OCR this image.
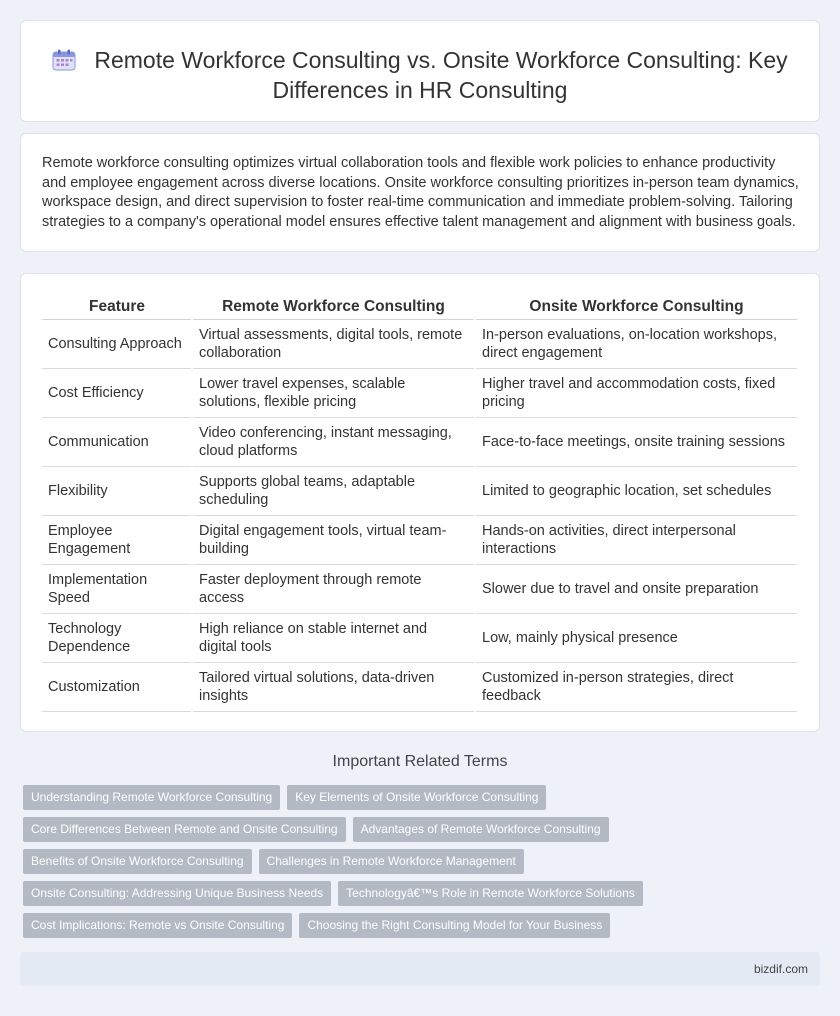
Remote Workforce Consulting vs. Onsite Workforce Consulting: Key Differences in HR Consulting

Remote workforce consulting optimizes virtual collaboration tools and flexible work policies to enhance productivity and employee engagement across diverse locations. Onsite workforce consulting prioritizes in-person team dynamics, workspace design, and direct supervision to foster real-time communication and immediate problem-solving. Tailoring strategies to a company's operational model ensures effective talent management and alignment with business goals.

Feature	Remote Workforce Consulting	Onsite Workforce Consulting
Consulting Approach	Virtual assessments, digital tools, remote collaboration	In-person evaluations, on-location workshops, direct engagement
Cost Efficiency	Lower travel expenses, scalable solutions, flexible pricing	Higher travel and accommodation costs, fixed pricing
Communication	Video conferencing, instant messaging, cloud platforms	Face-to-face meetings, onsite training sessions
Flexibility	Supports global teams, adaptable scheduling	Limited to geographic location, set schedules
Employee Engagement	Digital engagement tools, virtual team-building	Hands-on activities, direct interpersonal interactions
Implementation Speed	Faster deployment through remote access	Slower due to travel and onsite preparation
Technology Dependence	High reliance on stable internet and digital tools	Low, mainly physical presence
Customization	Tailored virtual solutions, data-driven insights	Customized in-person strategies, direct feedback
Important Related Terms
Understanding Remote Workforce Consulting Key Elements of Onsite Workforce Consulting
Core Differences Between Remote and Onsite Consulting Advantages of Remote Workforce Consulting
Benefits of Onsite Workforce Consulting Challenges in Remote Workforce Management
Onsite Consulting: Addressing Unique Business Needs Technologyâ€™s Role in Remote Workforce Solutions
Cost Implications: Remote vs Onsite Consulting Choosing the Right Consulting Model for Your Business
bizdif.com
